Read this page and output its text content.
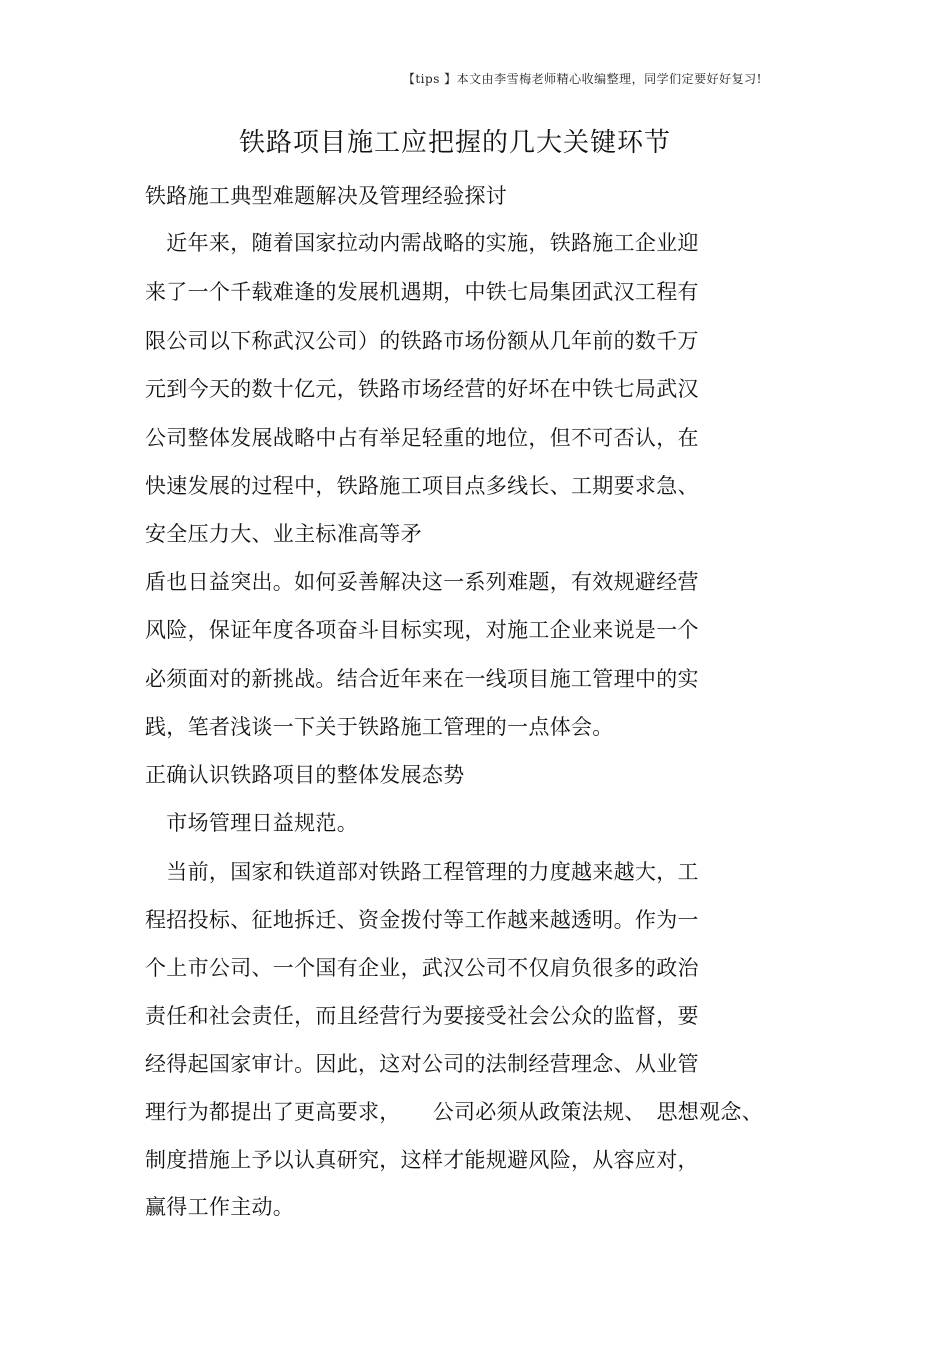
【tips 】本文由李雪梅老师精心收编整理，同学们定要好好复习!
铁路项目施工应把握的几大关键环节
铁路施工典型难题解决及管理经验探讨
　近年来，随着国家拉动内需战略的实施，铁路施工企业迎
来了一个千载难逢的发展机遇期，中铁七局集团武汉工程有
限公司以下称武汉公司）的铁路市场份额从几年前的数千万
元到今天的数十亿元，铁路市场经营的好坏在中铁七局武汉
公司整体发展战略中占有举足轻重的地位，但不可否认，在
快速发展的过程中，铁路施工项目点多线长、工期要求急、
安全压力大、业主标准高等矛
盾也日益突出。如何妥善解决这一系列难题，有效规避经营
风险，保证年度各项奋斗目标实现，对施工企业来说是一个
必须面对的新挑战。结合近年来在一线项目施工管理中的实
践，笔者浅谈一下关于铁路施工管理的一点体会。
正确认识铁路项目的整体发展态势
　市场管理日益规范。
　当前，国家和铁道部对铁路工程管理的力度越来越大，工
程招投标、征地拆迁、资金拨付等工作越来越透明。作为一
个上市公司、一个国有企业，武汉公司不仅肩负很多的政治
责任和社会责任，而且经营行为要接受社会公众的监督，要
经得起国家审计。因此，这对公司的法制经营理念、从业管
理行为都提出了更高要求，　　公司必须从政策法规、　思想观念、
制度措施上予以认真研究，这样才能规避风险，从容应对，
赢得工作主动。
